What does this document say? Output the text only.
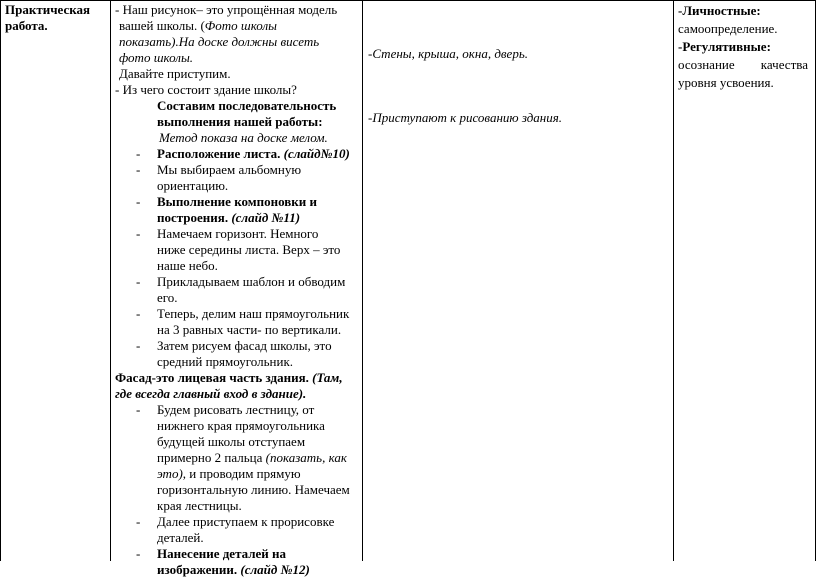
Практическая

работа.

- Наш рисунок– это упрощённая модель
вашей школы. (Фото школы
показать).На доске должны висеть
фото школы.
Давайте приступим.
- Из чего состоит здание школы?
Составим последовательность
выполнения нашей работы:
Метод показа на доске мелом.
- Расположение листа. (слайд№10)
- Мы выбираем альбомную
ориентацию.
- Выполнение компоновки и
построения. (слайд №11)
- Намечаем горизонт. Немного
ниже середины листа. Верх – это
наше небо.
- Прикладываем шаблон и обводим
его.
- Теперь, делим наш прямоугольник
на 3 равных части- по вертикали.
- Затем рисуем фасад школы, это
средний прямоугольник.
Фасад-это лицевая часть здания. (Там,
где всегда главный вход в здание).
- Будем рисовать лестницу, от
нижнего края прямоугольника
будущей школы отступаем
примерно 2 пальца (показать, как
это), и проводим прямую
горизонтальную линию. Намечаем
края лестницы.
- Далее приступаем к прорисовке
деталей.
- Нанесение деталей на
изображении. (слайд №12)
-Стены, крыша, окна, дверь.
-Приступают к рисованию здания.

-Личностные:

самоопределение.

-Регулятивные:

осознание качества

уровня усвоения.
